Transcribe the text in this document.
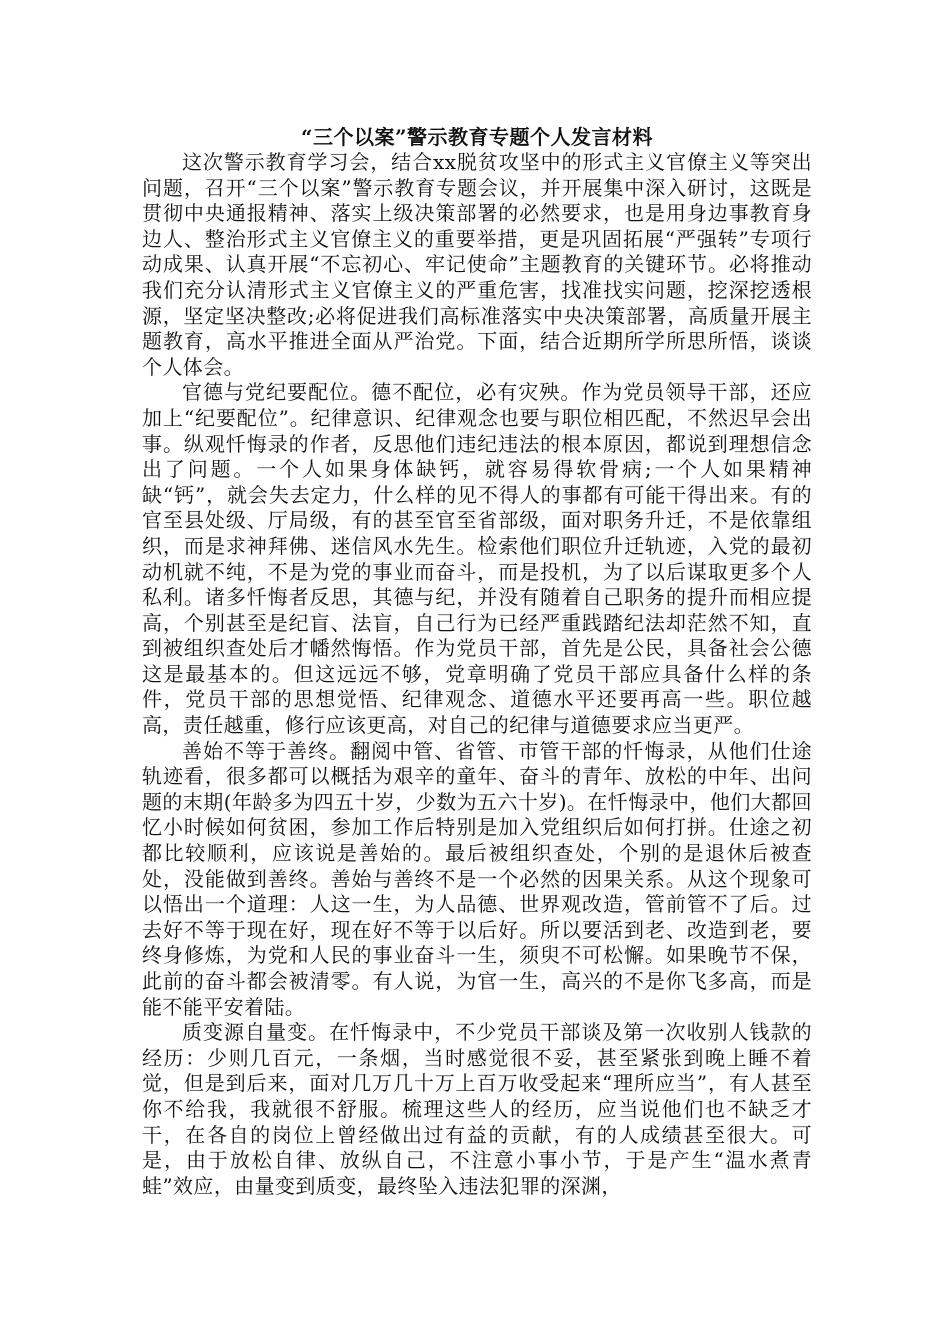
“三个以案”警示教育专题个人发言材料

这次警示教育学习会，结合xx脱贫攻坚中的形式主义官僚主义等突出问题，召开“三个以案”警示教育专题会议，并开展集中深入研讨，这既是贯彻中央通报精神、落实上级决策部署的必然要求，也是用身边事教育身边人、整治形式主义官僚主义的重要举措，更是巩固拓展“严强转”专项行动成果、认真开展“不忘初心、牢记使命”主题教育的关键环节。必将推动我们充分认清形式主义官僚主义的严重危害，找准找实问题，挖深挖透根源，坚定坚决整改;必将促进我们高标准落实中央决策部署，高质量开展主题教育，高水平推进全面从严治党。下面，结合近期所学所思所悟，谈谈个人体会。

官德与党纪要配位。德不配位，必有灾殃。作为党员领导干部，还应加上“纪要配位”。纪律意识、纪律观念也要与职位相匹配，不然迟早会出事。纵观忏悔录的作者，反思他们违纪违法的根本原因，都说到理想信念出了问题。一个人如果身体缺钙，就容易得软骨病;一个人如果精神缺“钙”，就会失去定力，什么样的见不得人的事都有可能干得出来。有的官至县处级、厅局级，有的甚至官至省部级，面对职务升迁，不是依靠组织，而是求神拜佛、迷信风水先生。检索他们职位升迁轨迹，入党的最初动机就不纯，不是为党的事业而奋斗，而是投机，为了以后谋取更多个人私利。诸多忏悔者反思，其德与纪，并没有随着自己职务的提升而相应提高，个别甚至是纪盲、法盲，自己行为已经严重践踏纪法却茫然不知，直到被组织查处后才幡然悔悟。作为党员干部，首先是公民，具备社会公德这是最基本的。但这远远不够，党章明确了党员干部应具备什么样的条件，党员干部的思想觉悟、纪律观念、道德水平还要再高一些。职位越高，责任越重，修行应该更高，对自己的纪律与道德要求应当更严。

善始不等于善终。翻阅中管、省管、市管干部的忏悔录，从他们仕途轨迹看，很多都可以概括为艰辛的童年、奋斗的青年、放松的中年、出问题的末期(年龄多为四五十岁，少数为五六十岁)。在忏悔录中，他们大都回忆小时候如何贫困，参加工作后特别是加入党组织后如何打拼。仕途之初都比较顺利，应该说是善始的。最后被组织查处，个别的是退休后被查处，没能做到善终。善始与善终不是一个必然的因果关系。从这个现象可以悟出一个道理：人这一生，为人品德、世界观改造，管前管不了后。过去好不等于现在好，现在好不等于以后好。所以要活到老、改造到老，要终身修炼，为党和人民的事业奋斗一生，须臾不可松懈。如果晚节不保，此前的奋斗都会被清零。有人说，为官一生，高兴的不是你飞多高，而是能不能平安着陆。

质变源自量变。在忏悔录中，不少党员干部谈及第一次收别人钱款的经历：少则几百元，一条烟，当时感觉很不妥，甚至紧张到晚上睡不着觉，但是到后来，面对几万几十万上百万收受起来“理所应当”，有人甚至你不给我，我就很不舒服。梳理这些人的经历，应当说他们也不缺乏才干，在各自的岗位上曾经做出过有益的贡献，有的人成绩甚至很大。可是，由于放松自律、放纵自己，不注意小事小节，于是产生“温水煮青蛙”效应，由量变到质变，最终坠入违法犯罪的深渊，
